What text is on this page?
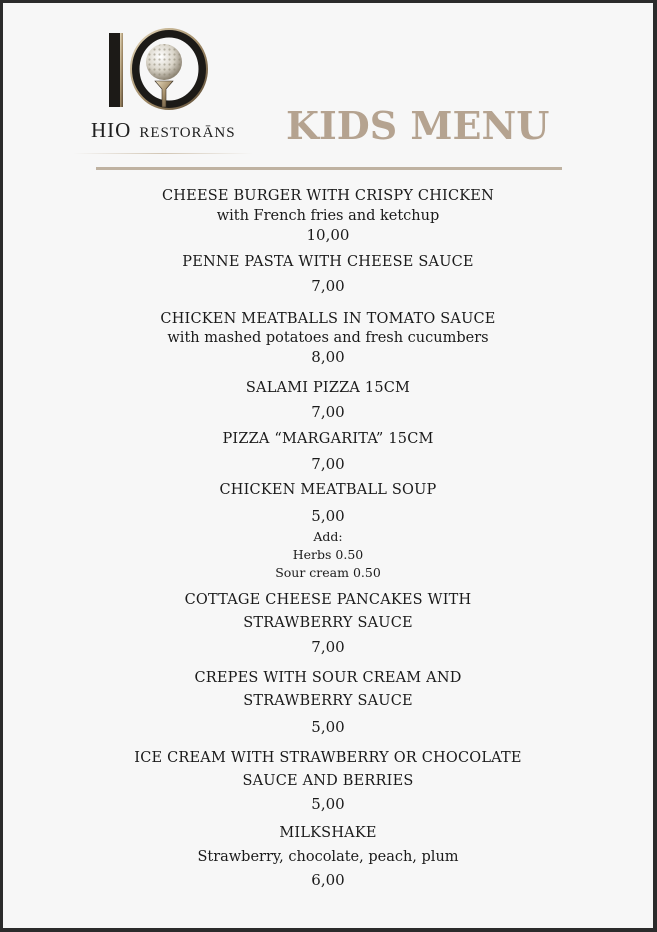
HIO RESTORĀNS KIDS MENU
CHEESE BURGER WITH CRISPY CHICKEN
with French fries and ketchup
10,00
PENNE PASTA WITH CHEESE SAUCE
7,00
CHICKEN MEATBALLS IN TOMATO SAUCE
with mashed potatoes and fresh cucumbers
8,00
SALAMI PIZZA 15CM
7,00
PIZZA “MARGARITA” 15CM
7,00
CHICKEN MEATBALL SOUP
5,00
Add:
Herbs 0.50
Sour cream 0.50
COTTAGE CHEESE PANCAKES WITH
STRAWBERRY SAUCE
7,00
CREPES WITH SOUR CREAM AND
STRAWBERRY SAUCE
5,00
ICE CREAM WITH STRAWBERRY OR CHOCOLATE
SAUCE AND BERRIES
5,00
MILKSHAKE
Strawberry, chocolate, peach, plum
6,00
